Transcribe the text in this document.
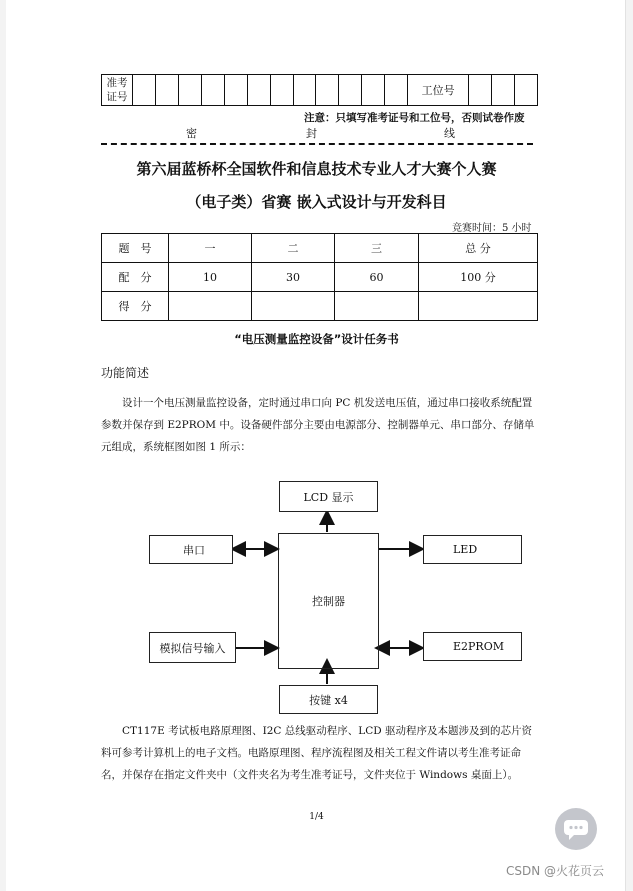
准考证号													工位号			
注意：只填写准考证号和工位号，否则试卷作废
密	封	线
第六届蓝桥杯全国软件和信息技术专业人才大赛个人赛
（电子类）省赛 嵌入式设计与开发科目
竞赛时间：5 小时
题　号	一	二	三	总 分
配　分	10	30	60	100 分
得　分				
“电压测量监控设备”设计任务书
功能简述
设计一个电压测量监控设备，定时通过串口向 PC 机发送电压值，通过串口接收系统配置参数并保存到 E2PROM 中。设备硬件部分主要由电源部分、控制器单元、串口部分、存储单元组成，系统框图如图 1 所示：
LCD 显示
串口	LED
控制器
模拟信号输入	E2PROM
按键 x4
CT117E 考试板电路原理图、I2C 总线驱动程序、LCD 驱动程序及本题涉及到的芯片资料可参考计算机上的电子文档。电路原理图、程序流程图及相关工程文件请以考生准考证命名，并保存在指定文件夹中（文件夹名为考生准考证号，文件夹位于 Windows 桌面上）。
1/4
CSDN @火花页云
